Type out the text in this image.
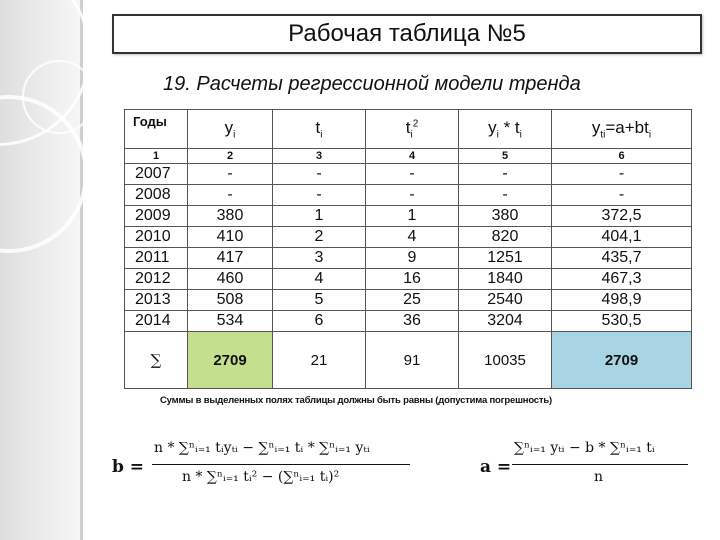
Рабочая таблица №5
19. Расчеты регрессионной модели тренда
Годы	$y_i$	$t_i$	$t_i^2$	$y_i * t_i$	$y_{ti}=a+bt_i$
1	2	3	4	5	6
2007	-	-	-	-	-
2008	-	-	-	-	-
2009	380	1	1	380	372,5
2010	410	2	4	820	404,1
2011	417	3	9	1251	435,7
2012	460	4	16	1840	467,3
2013	508	5	25	2540	498,9
2014	534	6	36	3204	530,5
∑	2709	21	91	10035	2709
Суммы в выделенных полях таблицы должны быть равны (допустима погрешность)
b =
n * ∑ⁿᵢ₌₁ tᵢyₜᵢ − ∑ⁿᵢ₌₁ tᵢ * ∑ⁿᵢ₌₁ yₜᵢ
n * ∑ⁿᵢ₌₁ tᵢ² − (∑ⁿᵢ₌₁ tᵢ)²	a =
∑ⁿᵢ₌₁ yₜᵢ − b * ∑ⁿᵢ₌₁ tᵢ
n
